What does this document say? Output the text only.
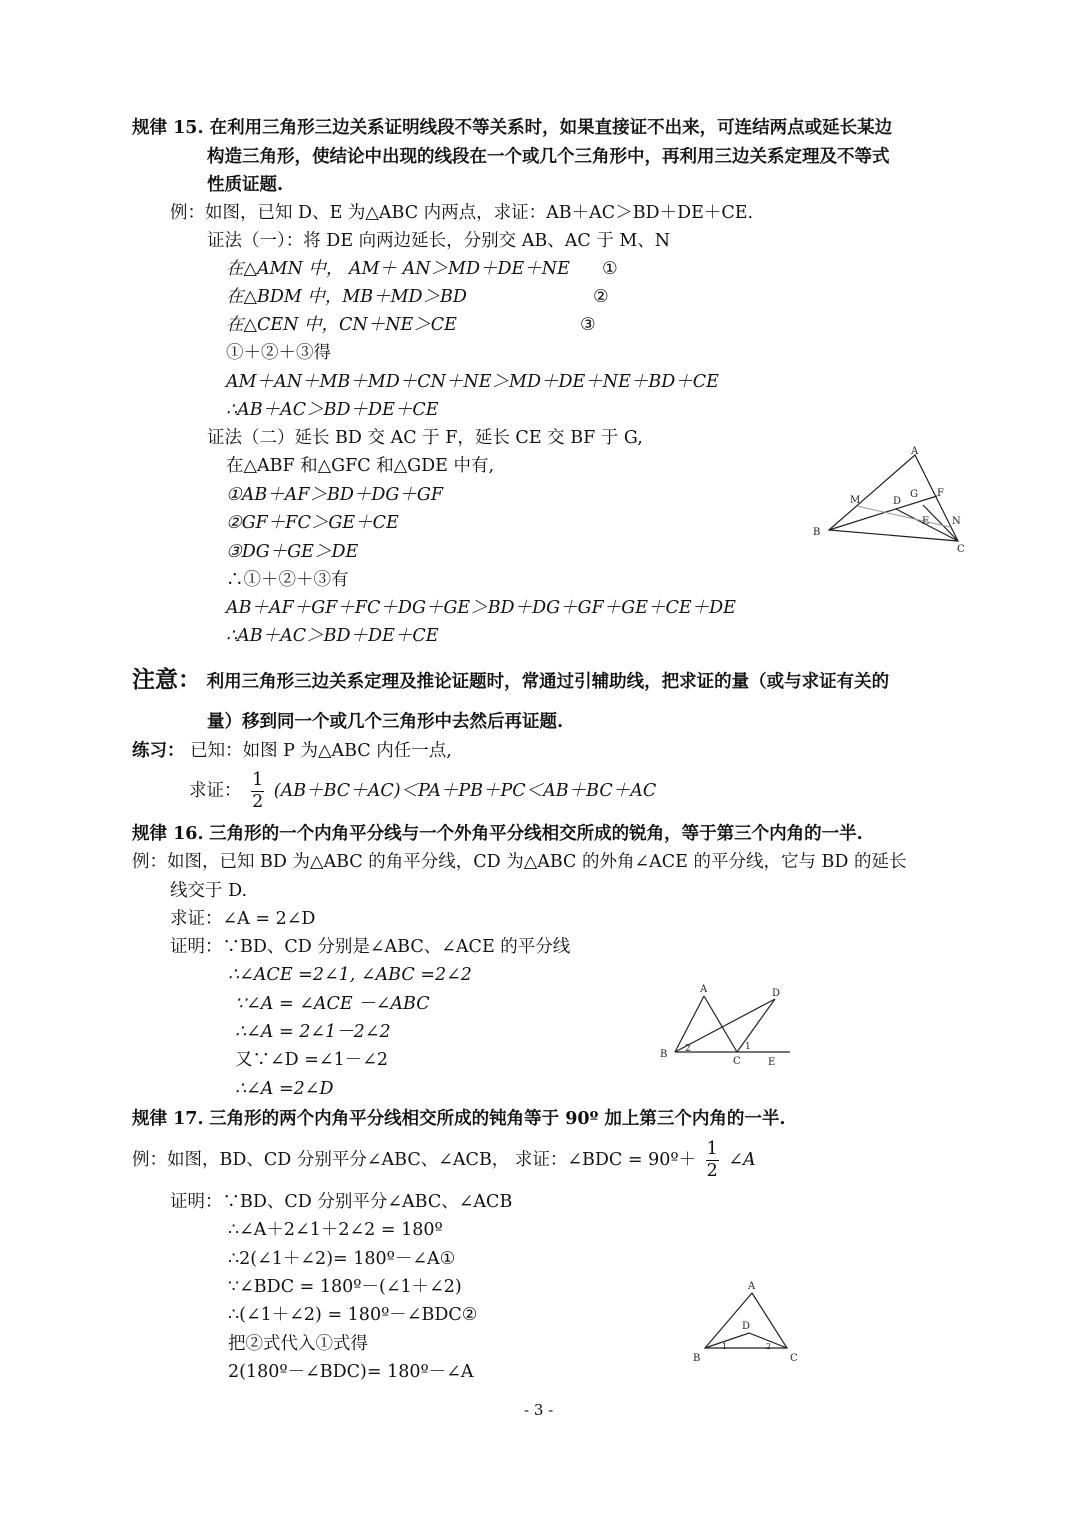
规律 15. 在利用三角形三边关系证明线段不等关系时，如果直接证不出来，可连结两点或延长某边
构造三角形，使结论中出现的线段在一个或几个三角形中，再利用三边关系定理及不等式
性质证题.
例：如图，已知 D、E 为△ABC 内两点，求证：AB＋AC＞BD＋DE＋CE.
证法（一）：将 DE 向两边延长，分别交 AB、AC 于 M、N
在△AMN 中， AM＋ AN＞MD＋DE＋NE ①
在△BDM 中，MB＋MD＞BD	②
在△CEN 中，CN＋NE＞CE	③
①＋②＋③得
AM＋AN＋MB＋MD＋CN＋NE＞MD＋DE＋NE＋BD＋CE
∴AB＋AC＞BD＋DE＋CE
证法（二）延长 BD 交 AC 于 F，延长 CE 交 BF 于 G,
在△ABF 和△GFC 和△GDE 中有,
①AB＋AF＞BD＋DG＋GF
②GF＋FC＞GE＋CE
③DG＋GE＞DE
∴①＋②＋③有
AB＋AF＋GF＋FC＋DG＋GE＞BD＋DG＋GF＋GE＋CE＋DE
∴AB＋AC＞BD＋DE＋CE
A
B
C
D
E
F
G
M
N
注意： 利用三角形三边关系定理及推论证题时，常通过引辅助线，把求证的量（或与求证有关的
量）移到同一个或几个三角形中去然后再证题.
练习： 已知：如图 P 为△ABC 内任一点,
求证： $\frac{1}{2} (AB+BC+AC)<PA+PB+PC<AB+BC+AC$
规律 16. 三角形的一个内角平分线与一个外角平分线相交所成的锐角，等于第三个内角的一半.
例：如图，已知 BD 为△ABC 的角平分线，CD 为△ABC 的外角∠ACE 的平分线，它与 BD 的延长
线交于 D.
求证：∠A = 2∠D
证明：∵BD、CD 分别是∠ABC、∠ACE 的平分线
∴∠ACE =2∠1, ∠ABC =2∠2
∵∠A = ∠ACE －∠ABC
∴∠A = 2∠1－2∠2
又∵∠D =∠1－∠2
∴∠A =2∠D
A
B
C
D
E
1
2
规律 17. 三角形的两个内角平分线相交所成的钝角等于 90º 加上第三个内角的一半.
例：如图，BD、CD 分别平分∠ABC、∠ACB， 求证：∠BDC = 90º＋ $\frac{1}{2}$ ∠A
证明：∵BD、CD 分别平分∠ABC、∠ACB
∴∠A＋2∠1＋2∠2 = 180º
∴2(∠1＋∠2)= 180º－∠A①
∵∠BDC = 180º－(∠1＋∠2)
∴(∠1＋∠2) = 180º－∠BDC②
把②式代入①式得
2(180º－∠BDC)= 180º－∠A
A
B	C
D
1	2
- 3 -
